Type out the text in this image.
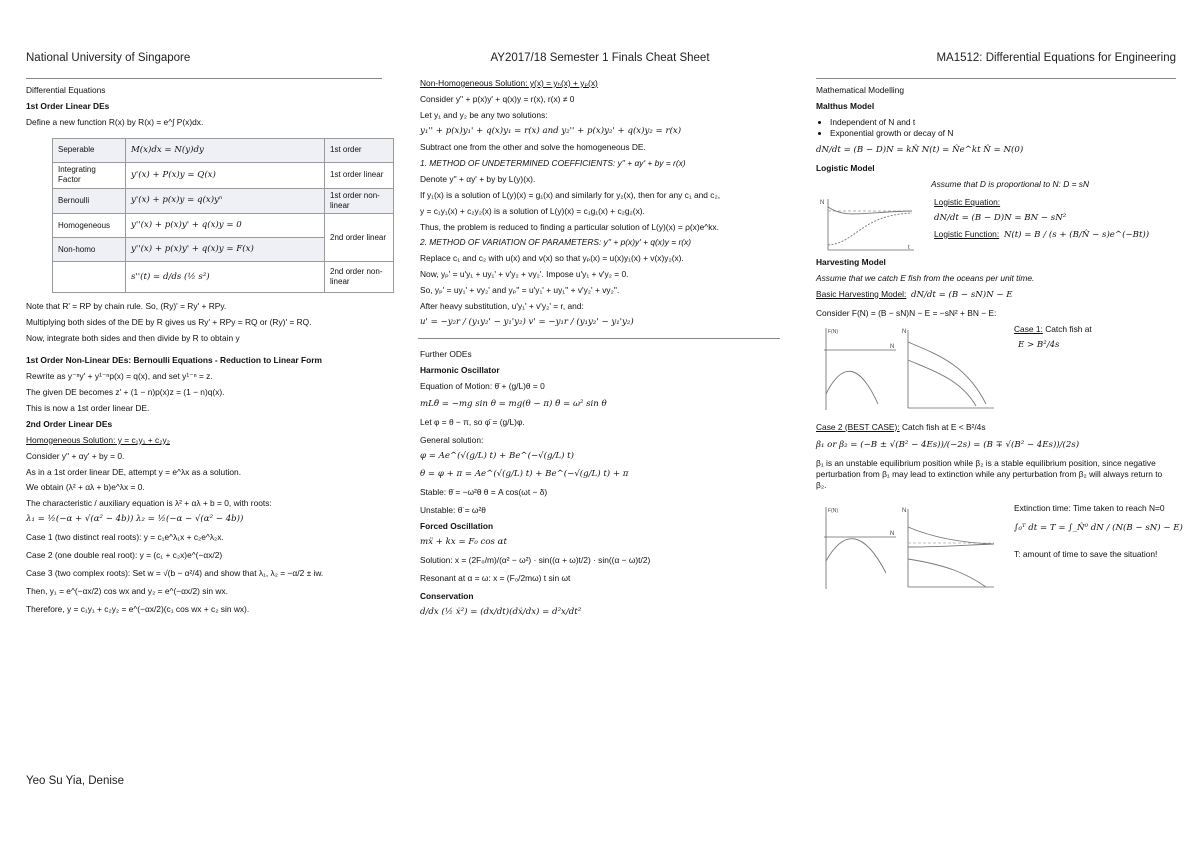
National University of Singapore	AY2017/18 Semester 1 Finals Cheat Sheet	MA1512: Differential Equations for Engineering
Differential Equations
1st Order Linear DEs
Define a new function R(x) by R(x) = e^∫ P(x)dx.
Seperable	M(x)dx = N(y)dy	1st order
Integrating Factor	y'(x) + P(x)y = Q(x)	1st order linear
Bernoulli	y'(x) + p(x)y = q(x)yⁿ	1st order non-linear
Homogeneous	y''(x) + p(x)y' + q(x)y = 0	2nd order linear
Non-homo	y''(x) + p(x)y' + q(x)y = F(x)	
	s''(t) = d/ds (½ s²)	2nd order non-linear
Note that R' = RP by chain rule. So, (Ry)' = Ry' + RPy.
Multiplying both sides of the DE by R gives us Ry' + RPy = RQ or (Ry)' = RQ.
Now, integrate both sides and then divide by R to obtain y
1st Order Non-Linear DEs: Bernoulli Equations - Reduction to Linear Form
Rewrite as y⁻ⁿy' + y¹⁻ⁿp(x) = q(x), and set y¹⁻ⁿ = z.
The given DE becomes z' + (1 − n)p(x)z = (1 − n)q(x).
This is now a 1st order linear DE.
2nd Order Linear DEs
Homogeneous Solution: y = c₁y₁ + c₂y₂
Consider y'' + αy' + by = 0.
As in a 1st order linear DE, attempt y = e^λx as a solution.
We obtain (λ² + αλ + b)e^λx = 0.
The characteristic / auxiliary equation is λ² + αλ + b = 0, with roots:
λ₁ = ½(−α + √(α² − 4b)) λ₂ = ½(−α − √(α² − 4b))
Case 1 (two distinct real roots): y = c₁e^λ₁x + c₂e^λ₂x.
Case 2 (one double real root): y = (c₁ + c₂x)e^(−αx/2)
Case 3 (two complex roots): Set w = √(b − α²/4) and show that λ₁, λ₂ = −α/2 ± iw.
Then, y₁ = e^(−αx/2) cos wx and y₂ = e^(−αx/2) sin wx.
Therefore, y = c₁y₁ + c₂y₂ = e^(−αx/2)(c₁ cos wx + c₂ sin wx).
Non-Homogeneous Solution: y(x) = yₕ(x) + yₚ(x)
Consider y'' + p(x)y' + q(x)y = r(x), r(x) ≠ 0
Let y₁ and y₂ be any two solutions:
y₁'' + p(x)y₁' + q(x)y₁ = r(x) and y₂'' + p(x)y₂' + q(x)y₂ = r(x)
Subtract one from the other and solve the homogeneous DE.
1. METHOD OF UNDETERMINED COEFFICIENTS: y'' + αy' + by = r(x)
Denote y'' + αy' + by by L(y)(x).
If y₁(x) is a solution of L(y)(x) = g₁(x) and similarly for y₂(x), then for any c₁ and c₂,
y = c₁y₁(x) + c₂y₂(x) is a solution of L(y)(x) = c₁g₁(x) + c₂g₂(x).
Thus, the problem is reduced to finding a particular solution of L(y)(x) = ρ(x)e^kx.
2. METHOD OF VARIATION OF PARAMETERS: y'' + p(x)y' + q(x)y = r(x)
Replace c₁ and c₂ with u(x) and v(x) so that yₚ(x) = u(x)y₁(x) + v(x)y₂(x).
Now, yₚ' = u'y₁ + uy₁' + v'y₂ + vy₂'. Impose u'y₁ + v'y₂ = 0.
So, yₚ' = uy₁' + vy₂' and yₚ'' = u'y₁' + uy₁'' + v'y₂' + vy₂''.
After heavy substitution, u'y₁' + v'y₂' = r, and:
u' = −y₂r / (y₁y₂' − y₁'y₂) v' = −y₁r / (y₁y₂' − y₁'y₂)
Further ODEs
Harmonic Oscillator
Equation of Motion: θ̈ + (g/L)θ = 0
mLθ̈ = −mg sin θ = mg(θ − π) θ̈ = ω² sin θ
Let φ = θ − π, so φ̈ = (g/L)φ.
General solution:
φ = Ae^(√(g/L) t) + Be^(−√(g/L) t)
θ = φ + π = Ae^(√(g/L) t) + Be^(−√(g/L) t) + π
Stable: θ̈ = −ω²θ θ = A cos(ωt − δ)
Unstable: θ̈ = ω²θ
Forced Oscillation
mẍ + kx = F₀ cos αt
Solution: x = (2F₀/m)/(α² − ω²) · sin((α + ω)t/2) · sin((α − ω)t/2)
Resonant at α = ω: x = (F₀/2mω) t sin ωt
Conservation
d/dx (½ ẋ²) = (dx/dt)(dẋ/dx) = d²x/dt²
Mathematical Modelling
Malthus Model
• Independent of N and t
• Exponential growth or decay of N
dN/dt = (B − D)N = kN̂ N(t) = N̂e^kt N̂ = N(0)
Logistic Model
Assume that D is proportional to N: D = sN
N
t
Logistic Equation:
dN/dt = (B − D)N = BN − sN²
Logistic Function: N(t) = B / (s + (B/N̂ − s)e^(−Bt))
Harvesting Model
Assume that we catch E fish from the oceans per unit time.
Basic Harvesting Model: dN/dt = (B − sN)N − E
Consider F(N) = (B − sN)N − E = −sN² + BN − E:
F(N)
N
N	Case 1: Catch fish at
E > B²/4s
Case 2 (BEST CASE): Catch fish at E < B²/4s
β₁ or β₂ = (−B ± √(B² − 4Es))/(−2s) = (B ∓ √(B² − 4Es))/(2s)
β₁ is an unstable equilibrium position while β₂ is a stable equilibrium position, since negative perturbation from β₁ may lead to extinction while any perturbation from β₂ will always return to β₂.
F(N)
N
N	Extinction time: Time taken to reach N=0
∫₀ᵀ dt = T = ∫_N̂⁰ dN / (N(B − sN) − E)
T: amount of time to save the situation!
Yeo Su Yia, Denise
